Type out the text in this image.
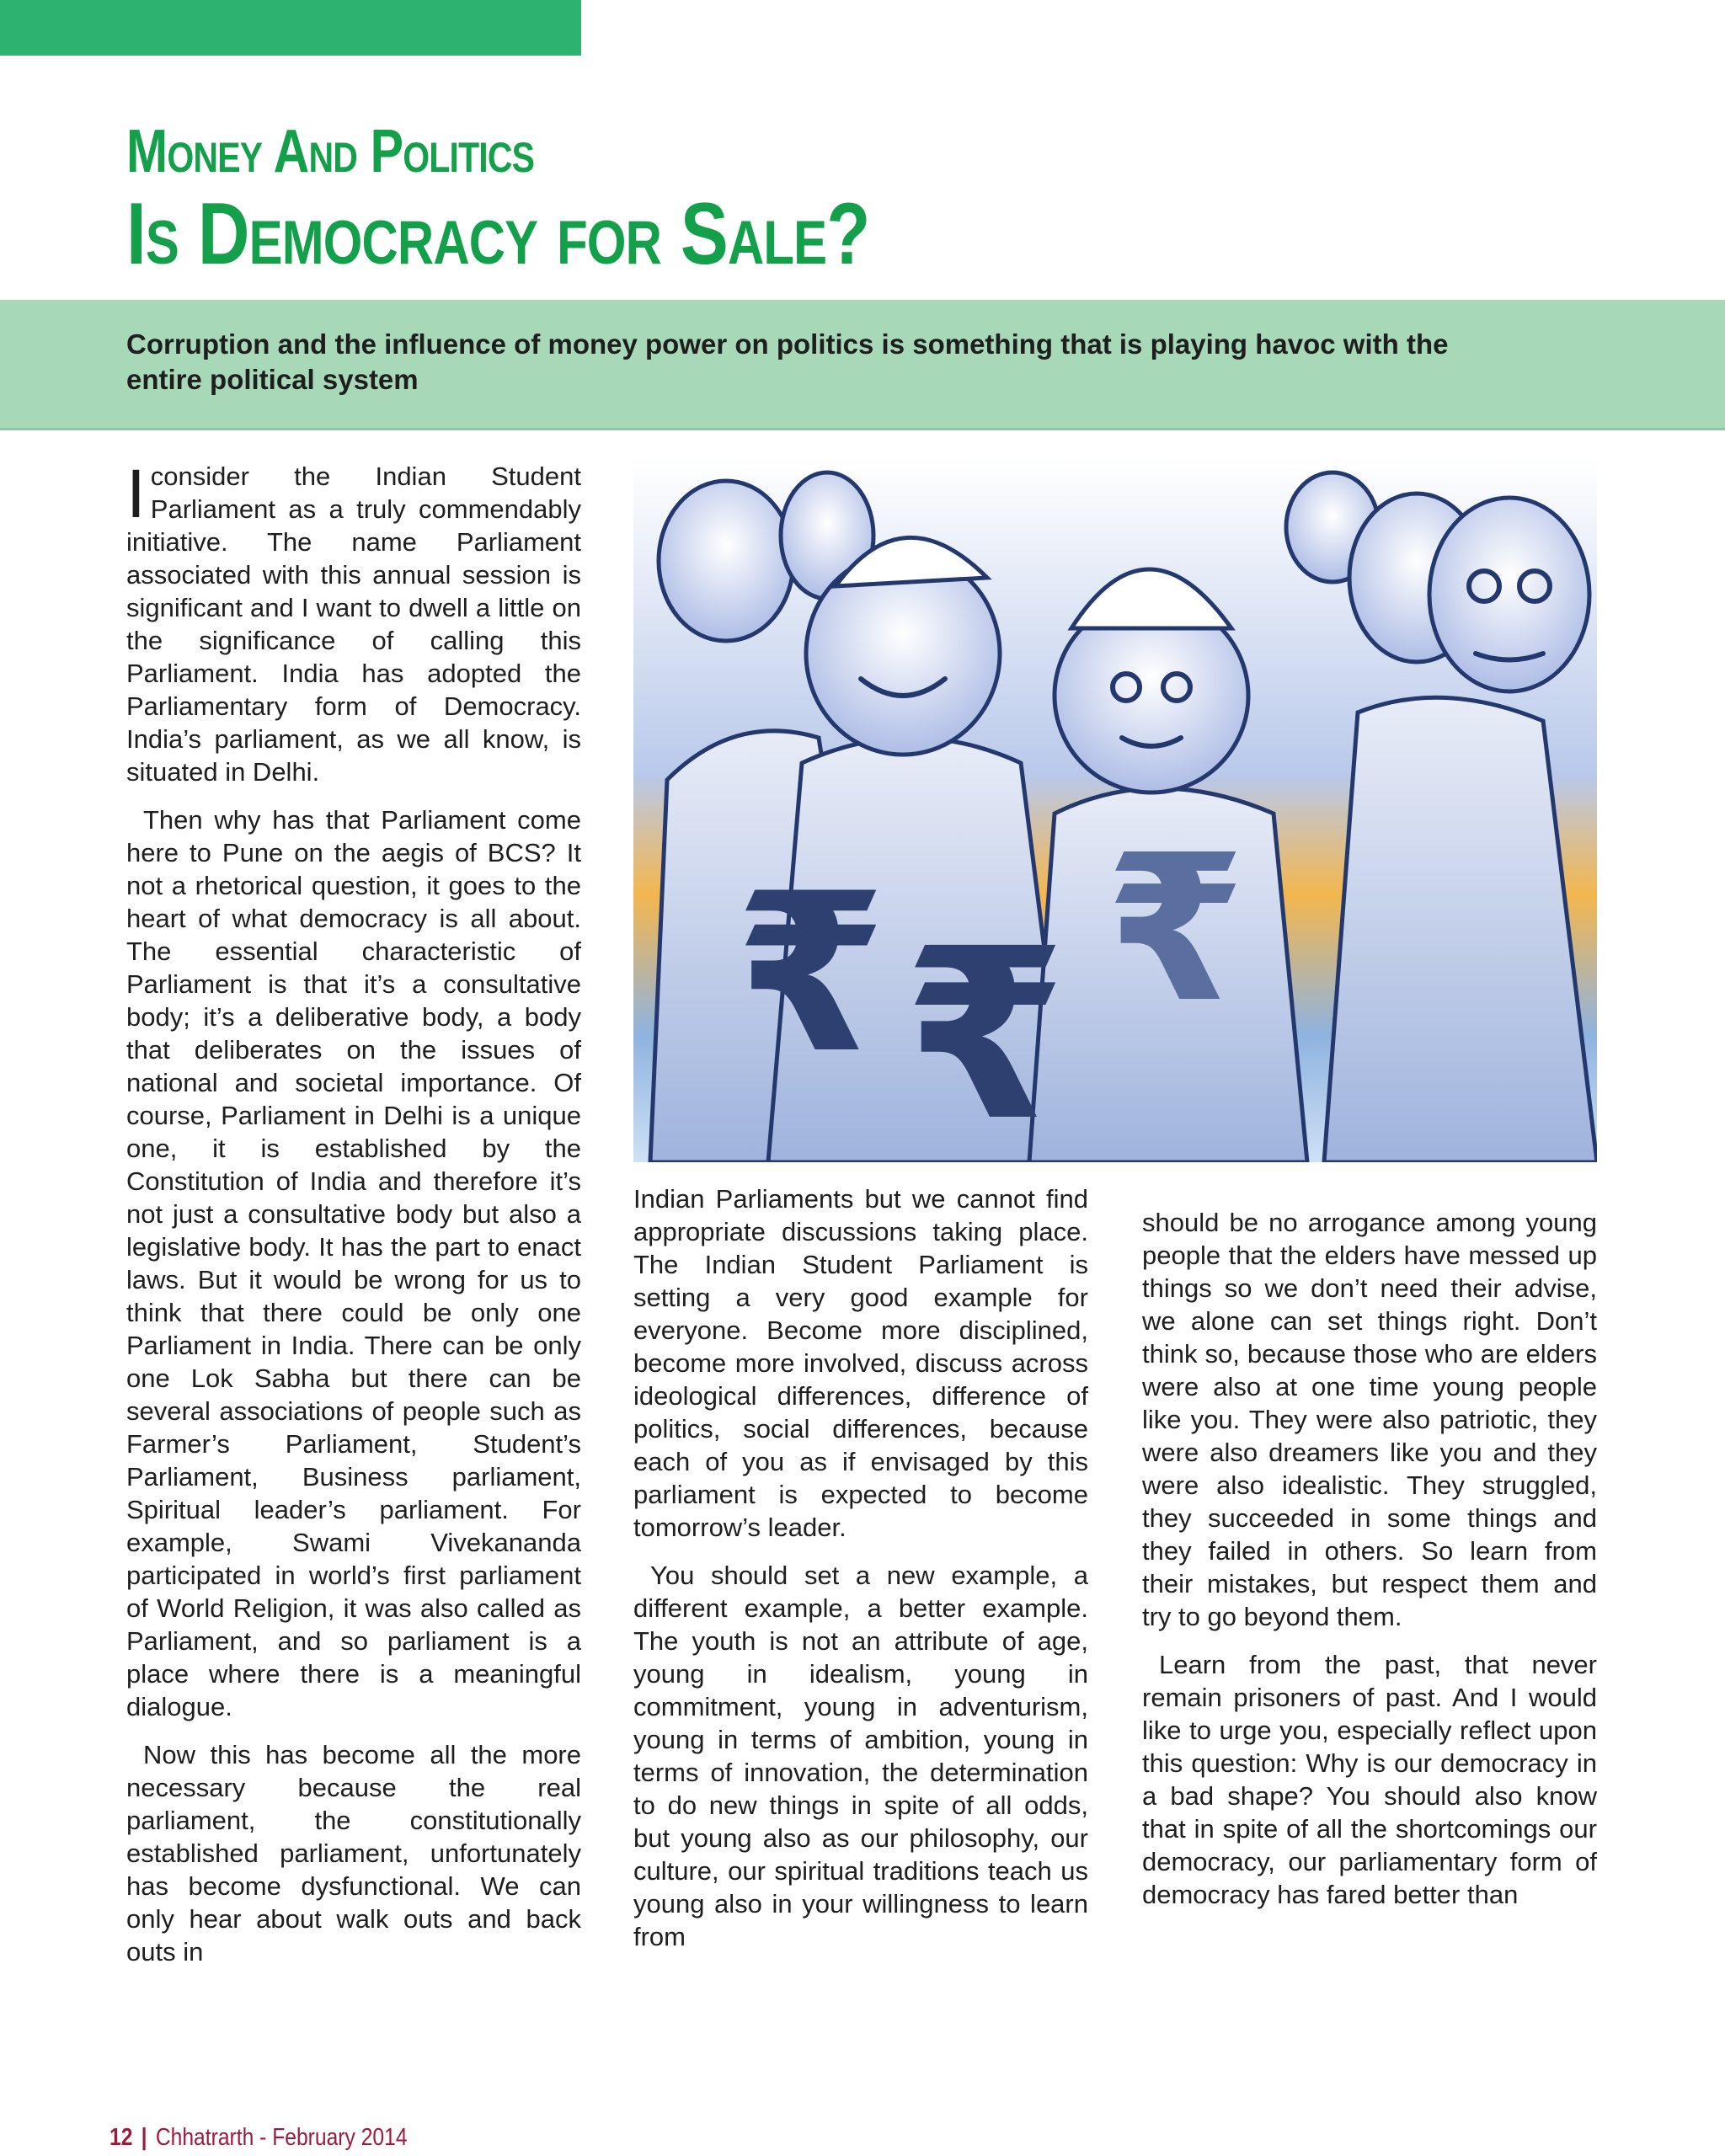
Money And Politics
Is Democracy for Sale?

Corruption and the influence of money power on politics is something that is playing havoc with the entire political system

Iconsider the Indian Student Parliament as a truly commendably initiative. The name Parliament associated with this annual session is significant and I want to dwell a little on the significance of calling this Parliament. India has adopted the Parliamentary form of Democracy. India’s parliament, as we all know, is situated in Delhi.

Then why has that Parliament come here to Pune on the aegis of BCS? It not a rhetorical question, it goes to the heart of what democracy is all about. The essential characteristic of Parliament is that it’s a consultative body; it’s a deliberative body, a body that deliberates on the issues of national and societal importance. Of course, Parliament in Delhi is a unique one, it is established by the Constitution of India and therefore it’s not just a consultative body but also a legislative body. It has the part to enact laws. But it would be wrong for us to think that there could be only one Parliament in India. There can be only one Lok Sabha but there can be several associations of people such as Farmer’s Parliament, Student’s Parliament, Business parliament, Spiritual leader’s parliament. For example, Swami Vivekananda participated in world’s first parliament of World Religion, it was also called as Parliament, and so parliament is a place where there is a meaningful dialogue.

Now this has become all the more necessary because the real parliament, the constitutionally established parliament, unfortunately has become dysfunctional. We can only hear about walk outs and back outs in

₹ ₹ ₹

Indian Parliaments but we cannot find appropriate discussions taking place. The Indian Student Parliament is setting a very good example for everyone. Become more disciplined, become more involved, discuss across ideological differences, difference of politics, social differences, because each of you as if envisaged by this parliament is expected to become tomorrow’s leader.

You should set a new example, a different example, a better example. The youth is not an attribute of age, young in idealism, young in commitment, young in adventurism, young in terms of ambition, young in terms of innovation, the determination to do new things in spite of all odds, but young also as our philosophy, our culture, our spiritual traditions teach us young also in your willingness to learn from

should be no arrogance among young people that the elders have messed up things so we don’t need their advise, we alone can set things right. Don’t think so, because those who are elders were also at one time young people like you. They were also patriotic, they were also dreamers like you and they were also idealistic. They struggled, they succeeded in some things and they failed in others. So learn from their mistakes, but respect them and try to go beyond them.

Learn from the past, that never remain prisoners of past. And I would like to urge you, especially reflect upon this question: Why is our democracy in a bad shape? You should also know that in spite of all the shortcomings our democracy, our parliamentary form of democracy has fared better than

12 | Chhatrarth - February 2014
